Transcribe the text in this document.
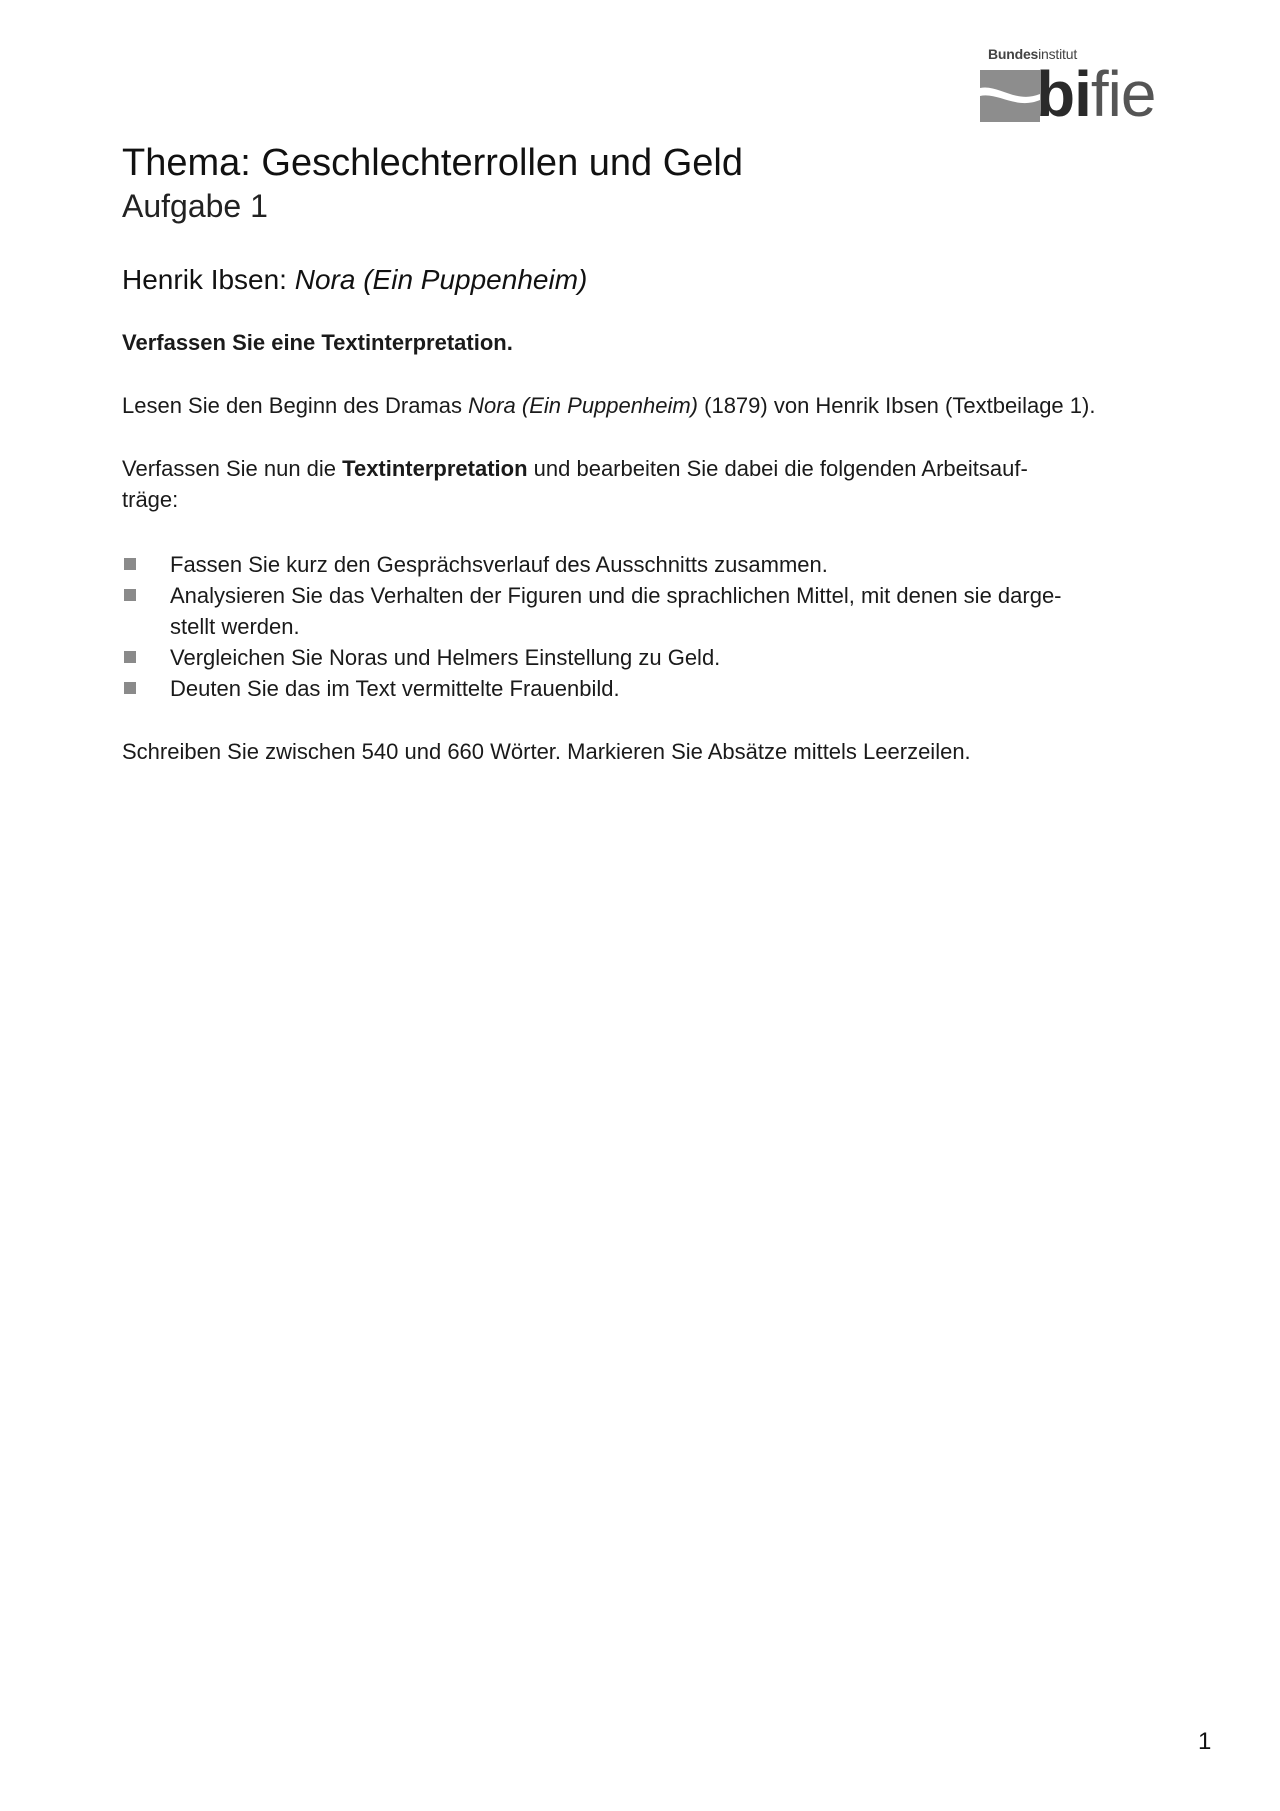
Bundesinstitut
bifie
Thema: Geschlechterrollen und Geld
Aufgabe 1
Henrik Ibsen: Nora (Ein Puppenheim)
Verfassen Sie eine Textinterpretation.

Lesen Sie den Beginn des Dramas Nora (Ein Puppenheim) (1879) von Henrik Ibsen (Textbeilage 1).

Verfassen Sie nun die Textinterpretation und bearbeiten Sie dabei die folgenden Arbeitsauf-
träge:

Fassen Sie kurz den Gesprächsverlauf des Ausschnitts zusammen.
Analysieren Sie das Verhalten der Figuren und die sprachlichen Mittel, mit denen sie darge-
stellt werden.
Vergleichen Sie Noras und Helmers Einstellung zu Geld.
Deuten Sie das im Text vermittelte Frauenbild.

Schreiben Sie zwischen 540 und 660 Wörter. Markieren Sie Absätze mittels Leerzeilen.

1
